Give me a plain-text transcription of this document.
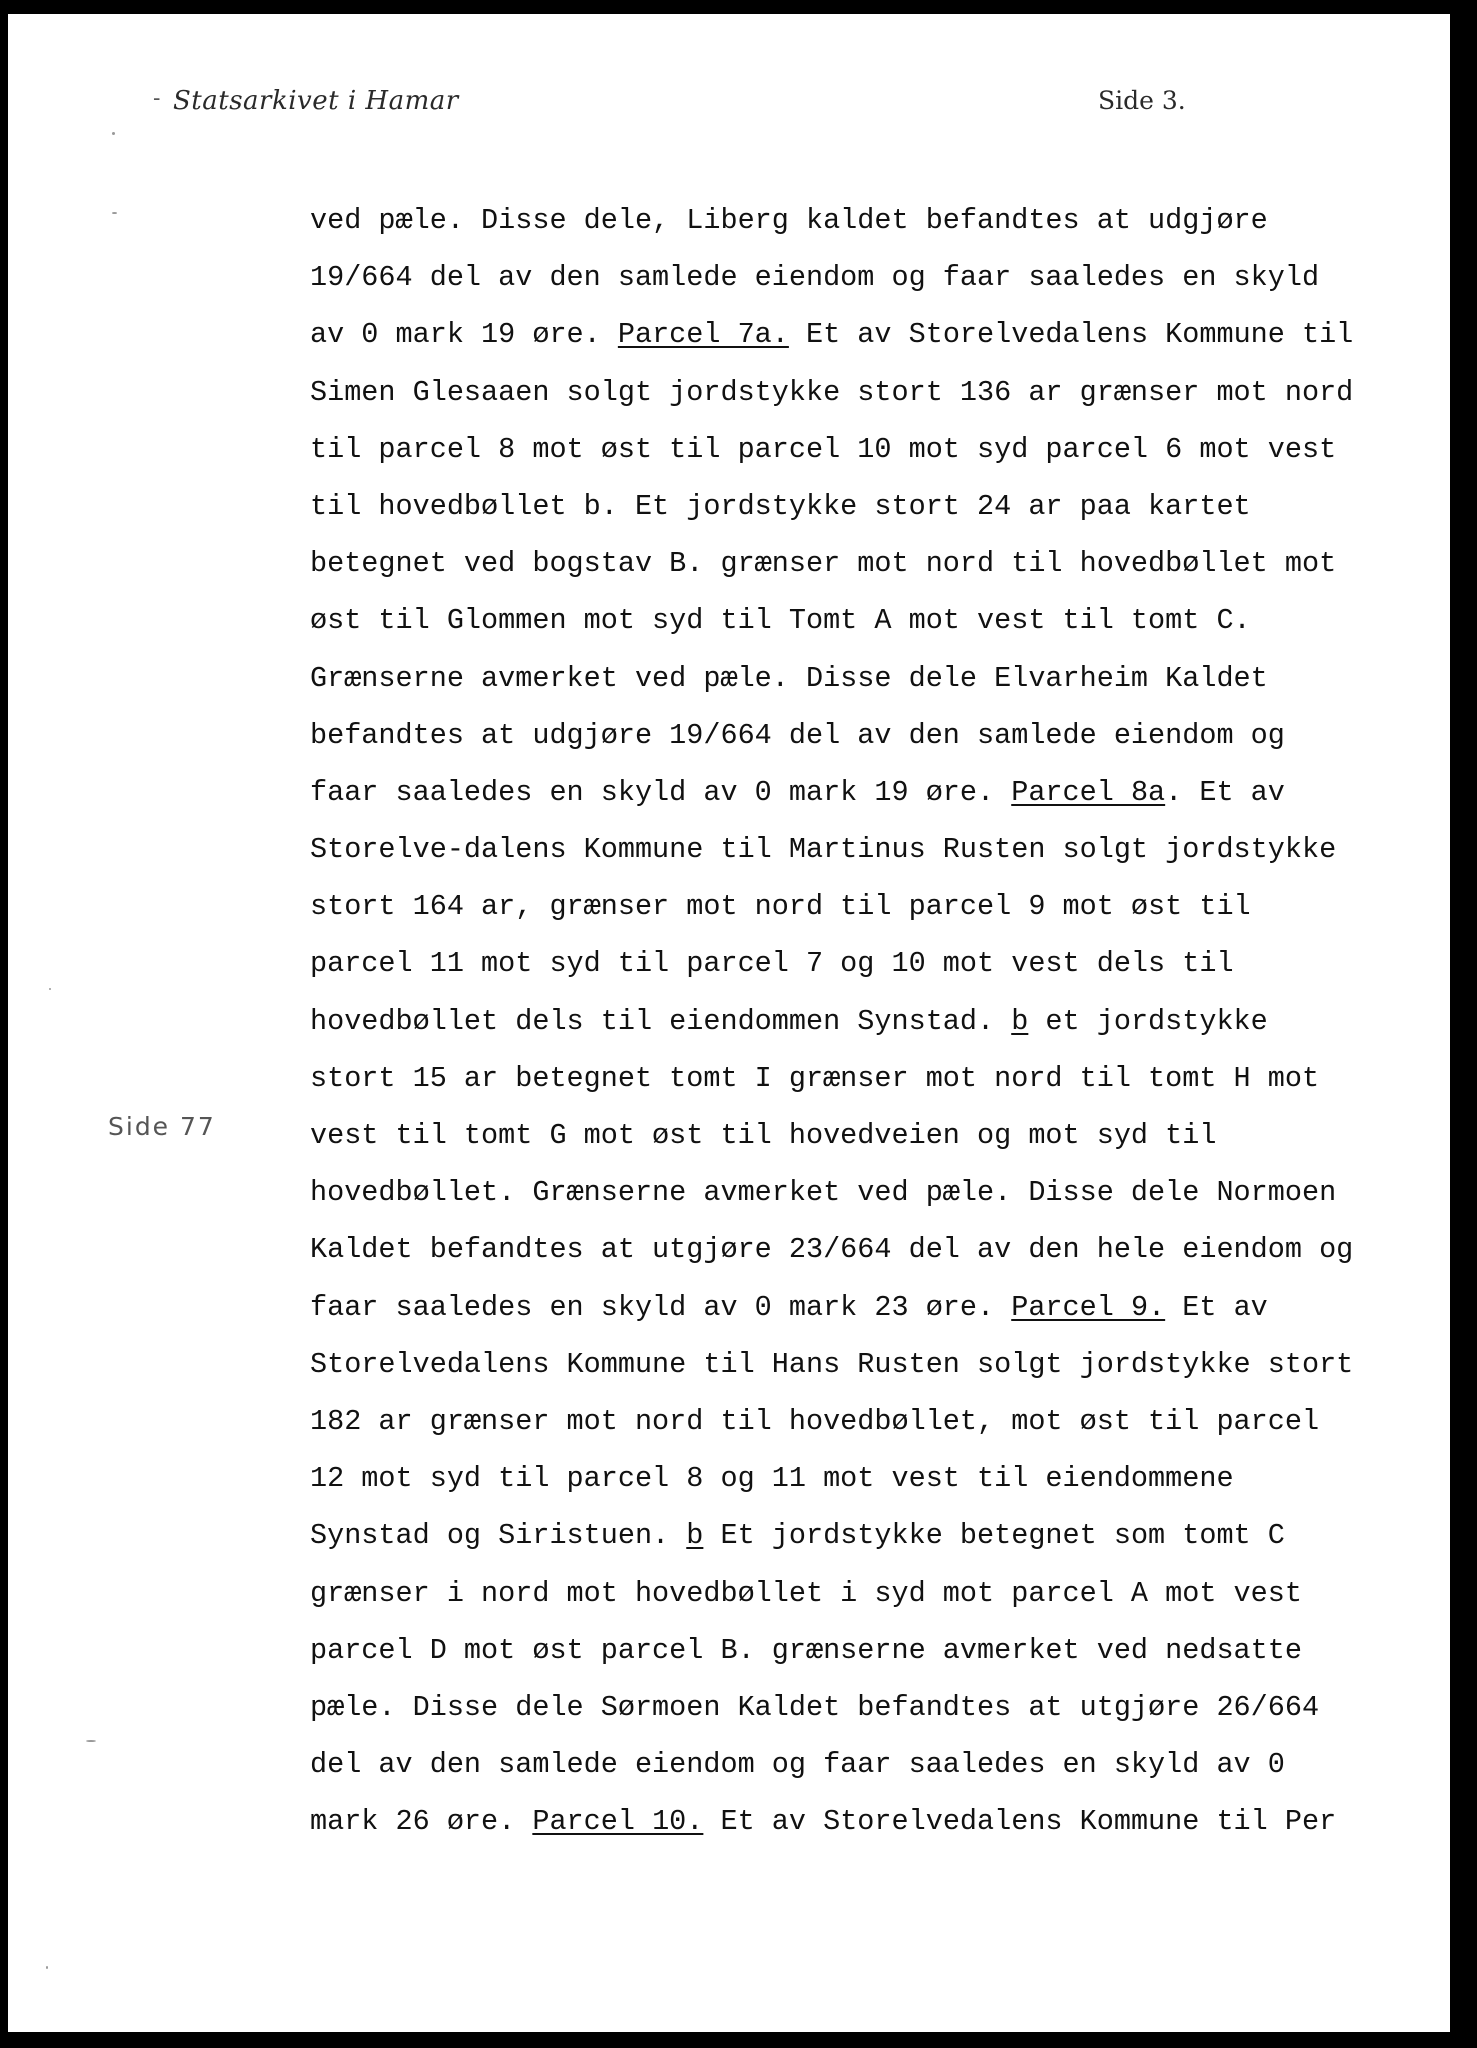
- Statsarkivet i Hamar	Side 3.
Side 77
ved pæle. Disse dele, Liberg kaldet befandtes at udgjøre
19/664 del av den samlede eiendom og faar saaledes en skyld
av 0 mark 19 øre. Parcel 7a. Et av Storelvedalens Kommune til
Simen Glesaaen solgt jordstykke stort 136 ar grænser mot nord
til parcel 8 mot øst til parcel 10 mot syd parcel 6 mot vest
til hovedbøllet b. Et jordstykke stort 24 ar paa kartet
betegnet ved bogstav B. grænser mot nord til hovedbøllet mot
øst til Glommen mot syd til Tomt A mot vest til tomt C.
Grænserne avmerket ved pæle. Disse dele Elvarheim Kaldet
befandtes at udgjøre 19/664 del av den samlede eiendom og
faar saaledes en skyld av 0 mark 19 øre. Parcel 8a. Et av
Storelve-dalens Kommune til Martinus Rusten solgt jordstykke
stort 164 ar, grænser mot nord til parcel 9 mot øst til
parcel 11 mot syd til parcel 7 og 10 mot vest dels til
hovedbøllet dels til eiendommen Synstad. b et jordstykke
stort 15 ar betegnet tomt I grænser mot nord til tomt H mot
vest til tomt G mot øst til hovedveien og mot syd til
hovedbøllet. Grænserne avmerket ved pæle. Disse dele Normoen
Kaldet befandtes at utgjøre 23/664 del av den hele eiendom og
faar saaledes en skyld av 0 mark 23 øre. Parcel 9. Et av
Storelvedalens Kommune til Hans Rusten solgt jordstykke stort
182 ar grænser mot nord til hovedbøllet, mot øst til parcel
12 mot syd til parcel 8 og 11 mot vest til eiendommene
Synstad og Siristuen. b Et jordstykke betegnet som tomt C
grænser i nord mot hovedbøllet i syd mot parcel A mot vest
parcel D mot øst parcel B. grænserne avmerket ved nedsatte
pæle. Disse dele Sørmoen Kaldet befandtes at utgjøre 26/664
del av den samlede eiendom og faar saaledes en skyld av 0
mark 26 øre. Parcel 10. Et av Storelvedalens Kommune til Per
